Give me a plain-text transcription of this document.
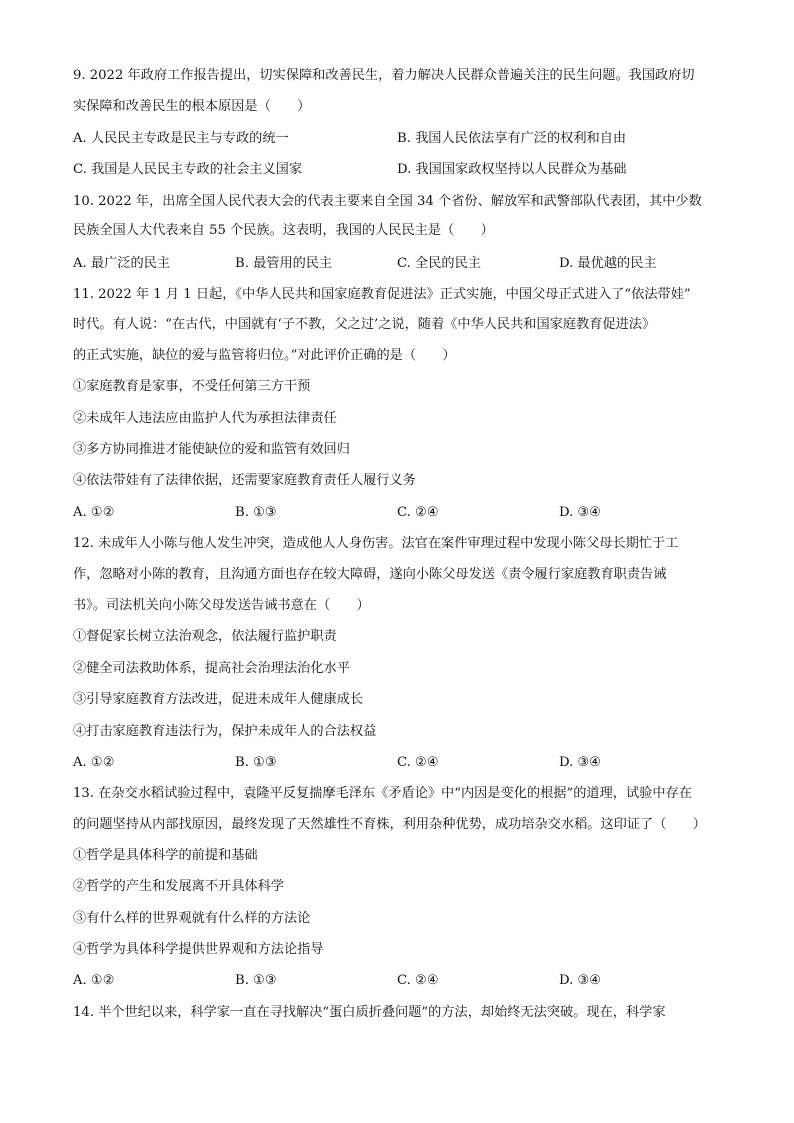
9. 2022 年政府工作报告提出，切实保障和改善民生，着力解决人民群众普遍关注的民生问题。我国政府切
实保障和改善民生的根本原因是（　　）
A. 人民民主专政是民主与专政的统一	B. 我国人民依法享有广泛的权利和自由
C. 我国是人民民主专政的社会主义国家	D. 我国国家政权坚持以人民群众为基础
10. 2022 年，出席全国人民代表大会的代表主要来自全国 34 个省份、解放军和武警部队代表团，其中少数
民族全国人大代表来自 55 个民族。这表明，我国的人民民主是（　　）
A. 最广泛的民主	B. 最管用的民主	C. 全民的民主	D. 最优越的民主
11. 2022 年 1 月 1 日起，《中华人民共和国家庭教育促进法》正式实施，中国父母正式进入了“依法带娃”
时代。有人说：“在古代，中国就有‘子不教，父之过’之说，随着《中华人民共和国家庭教育促进法》
的正式实施，缺位的爱与监管将归位。”对此评价正确的是（　　）
①家庭教育是家事，不受任何第三方干预
②未成年人违法应由监护人代为承担法律责任
③多方协同推进才能使缺位的爱和监管有效回归
④依法带娃有了法律依据，还需要家庭教育责任人履行义务
A. ①②	B. ①③	C. ②④	D. ③④
12. 未成年人小陈与他人发生冲突，造成他人人身伤害。法官在案件审理过程中发现小陈父母长期忙于工
作，忽略对小陈的教育，且沟通方面也存在较大障碍，遂向小陈父母发送《责令履行家庭教育职责告诫
书》。司法机关向小陈父母发送告诫书意在（　　）
①督促家长树立法治观念，依法履行监护职责
②健全司法救助体系，提高社会治理法治化水平
③引导家庭教育方法改进，促进未成年人健康成长
④打击家庭教育违法行为，保护未成年人的合法权益
A. ①②	B. ①③	C. ②④	D. ③④
13. 在杂交水稻试验过程中，袁隆平反复揣摩毛泽东《矛盾论》中“内因是变化的根据”的道理，试验中存在
的问题坚持从内部找原因，最终发现了天然雄性不育株，利用杂种优势，成功培杂交水稻。这印证了（　　）
①哲学是具体科学的前提和基础
②哲学的产生和发展离不开具体科学
③有什么样的世界观就有什么样的方法论
④哲学为具体科学提供世界观和方法论指导
A. ①②	B. ①③	C. ②④	D. ③④
14. 半个世纪以来，科学家一直在寻找解决“蛋白质折叠问题”的方法，却始终无法突破。现在，科学家
